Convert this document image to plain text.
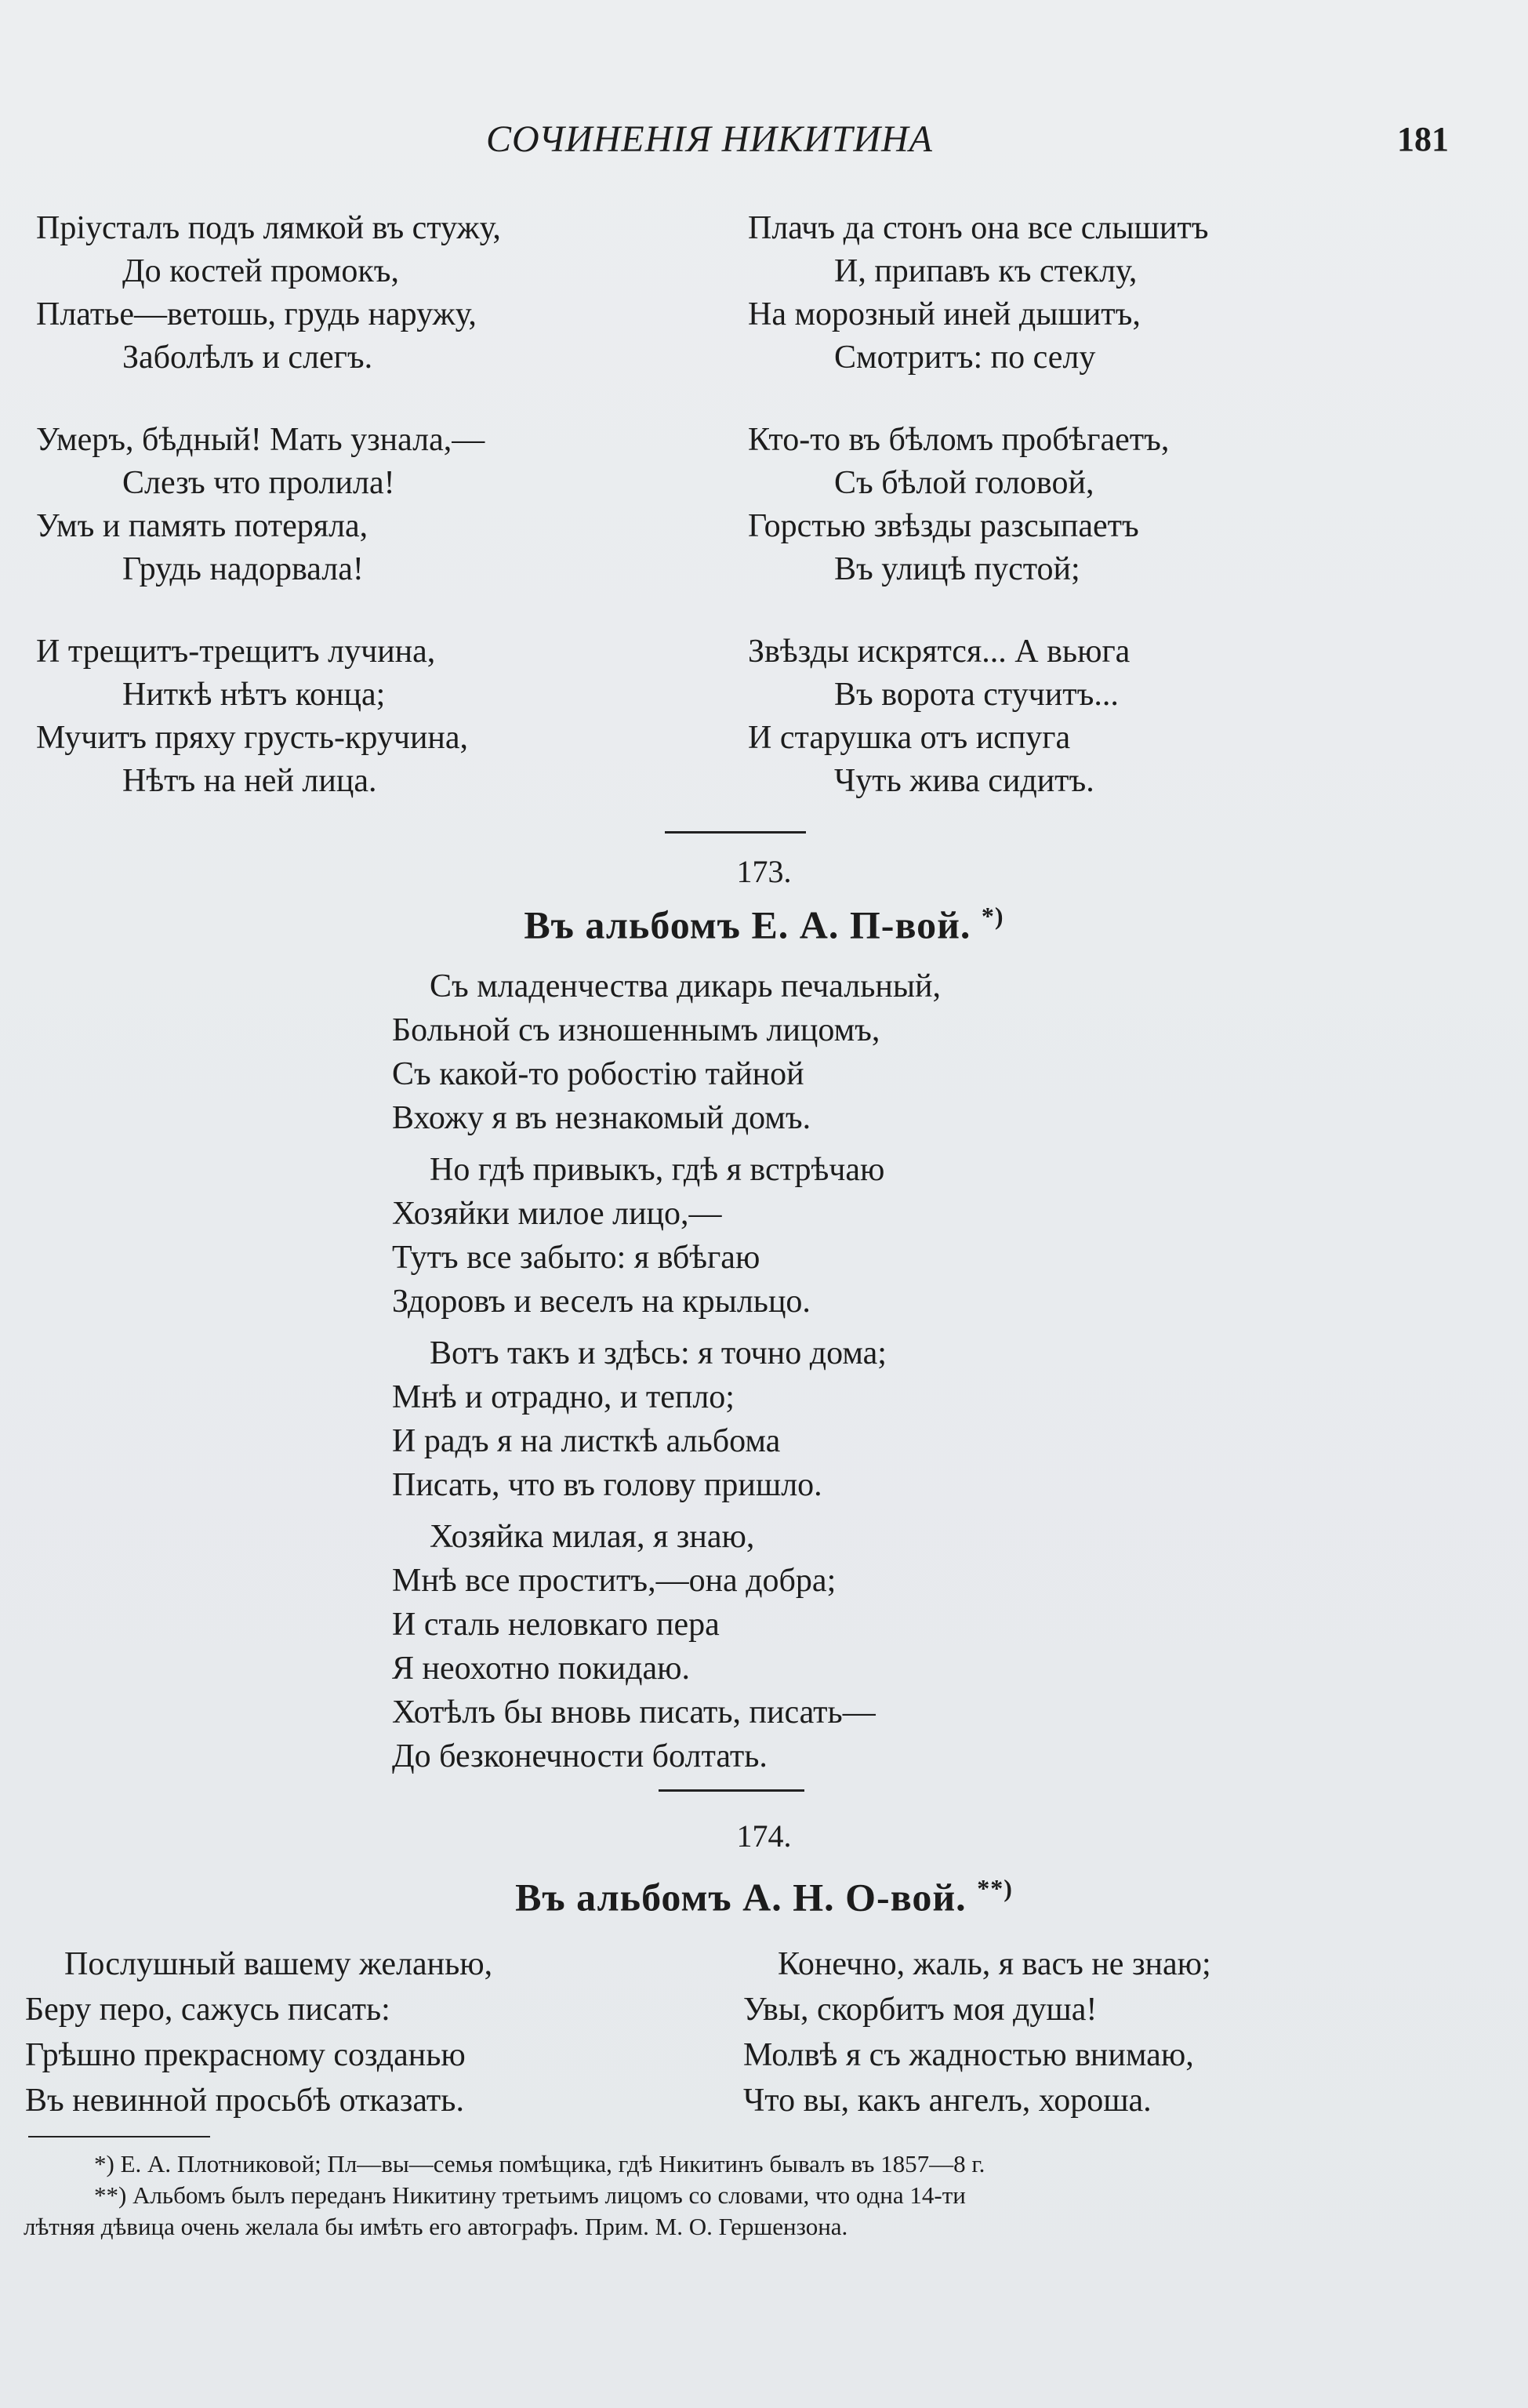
СОЧИНЕНІЯ НИКИТИНА	181
Пріусталъ подъ лямкой въ стужу,
До костей промокъ,
Платье—ветошь, грудь наружу,
Заболѣлъ и слегъ.
Умеръ, бѣдный! Мать узнала,—
Слезъ что пролила!
Умъ и память потеряла,
Грудь надорвала!
И трещитъ-трещитъ лучина,
Ниткѣ нѣтъ конца;
Мучитъ пряху грусть-кручина,
Нѣтъ на ней лица.
Плачъ да стонъ она все слышитъ
И, припавъ къ стеклу,
На морозный иней дышитъ,
Смотритъ: по селу
Кто-то въ бѣломъ пробѣгаетъ,
Съ бѣлой головой,
Горстью звѣзды разсыпаетъ
Въ улицѣ пустой;
Звѣзды искрятся... А вьюга
Въ ворота стучитъ...
И старушка отъ испуга
Чуть жива сидитъ.
173.
Въ альбомъ Е. А. П-вой. *)
Съ младенчества дикарь печальный,
Больной съ изношеннымъ лицомъ,
Съ какой-то робостію тайной
Вхожу я въ незнакомый домъ.
Но гдѣ привыкъ, гдѣ я встрѣчаю
Хозяйки милое лицо,—
Тутъ все забыто: я вбѣгаю
Здоровъ и веселъ на крыльцо.
Вотъ такъ и здѣсь: я точно дома;
Мнѣ и отрадно, и тепло;
И радъ я на листкѣ альбома
Писать, что въ голову пришло.
Хозяйка милая, я знаю,
Мнѣ все проститъ,—она добра;
И сталь неловкаго пера
Я неохотно покидаю.
Хотѣлъ бы вновь писать, писать—
До безконечности болтать.
174.
Въ альбомъ А. Н. О-вой. **)
Послушный вашему желанью,
Беру перо, сажусь писать:
Грѣшно прекрасному созданью
Въ невинной просьбѣ отказать.
Конечно, жаль, я васъ не знаю;
Увы, скорбитъ моя душа!
Молвѣ я съ жадностью внимаю,
Что вы, какъ ангелъ, хороша.
*) Е. А. Плотниковой; Пл—вы—семья помѣщика, гдѣ Никитинъ бывалъ въ 1857—8 г.
**) Альбомъ былъ переданъ Никитину третьимъ лицомъ со словами, что одна 14-ти
лѣтняя дѣвица очень желала бы имѣть его автографъ. Прим. М. О. Гершензона.
